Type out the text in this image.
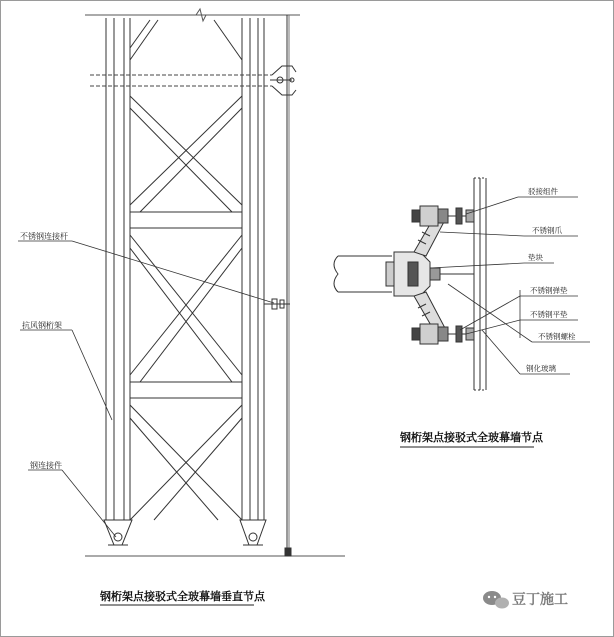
不锈钢连接杆
抗风钢桁架
钢连接件
钢桁架点接驳式全玻幕墙垂直节点
驳接组件
不锈钢爪
垫块
不锈钢弹垫
不锈钢平垫
不锈钢螺栓
钢化玻璃
钢桁架点接驳式全玻幕墙节点
豆丁施工
